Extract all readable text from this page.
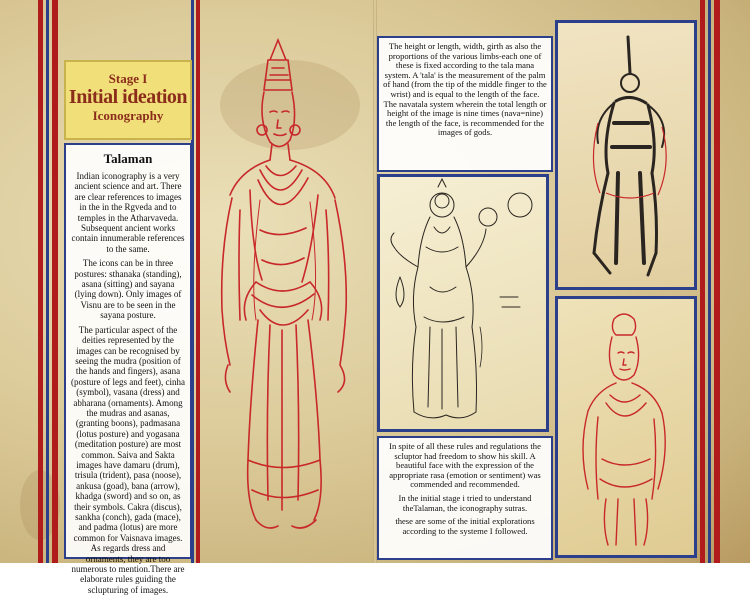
Stage I
Initial ideation
Iconography
Talaman

Indian iconography is a very ancient science and art. There are clear references to images in the in the Rgveda and to temples in the Atharvaveda. Subsequent ancient works contain innumerable references to the same.

The icons can be in three postures: sthanaka (standing), asana (sitting) and sayana (lying down). Only images of Visnu are to be seen in the sayana posture.

The particular aspect of the deities represented by the images can be recognised by seeing the mudra (position of the hands and fingers), asana (posture of legs and feet), cinha (symbol), vasana (dress) and abharana (ornaments). Among the mudras and asanas, (granting boons), padmasana (lotus posture) and yogasana (meditation posture) are most common. Saiva and Sakta images have damaru (drum), trisula (trident), pasa (noose), ankusa (goad), bana (arrow), khadga (sword) and so on, as their symbols. Cakra (discus), sankha (conch), gada (mace), and padma (lotus) are more common for Vaisnava images. As regards dress and ornaments, they are too numerous to mention.There are elaborate rules guiding the sclupturing of images.

The height or length, width, girth as also the proportions of the various limbs-each one of these is fixed according to the tala mana system. A 'tala' is the measurement of the palm of hand (from the tip of the middle finger to the wrist) and is equal to the length of the face. The navatala system wherein the total length or height of the image is nine times (nava=nine) the length of the face, is recommended for the images of gods.

In spite of all these rules and regulations the scluptor had freedom to show his skill. A beautiful face with the expression of the appropriate rasa (emotion or sentiment) was commended and recommended.

In the initial stage i tried to understand theTalaman, the iconography sutras.

these are some of the initial explorations according to the systeme I followed.
